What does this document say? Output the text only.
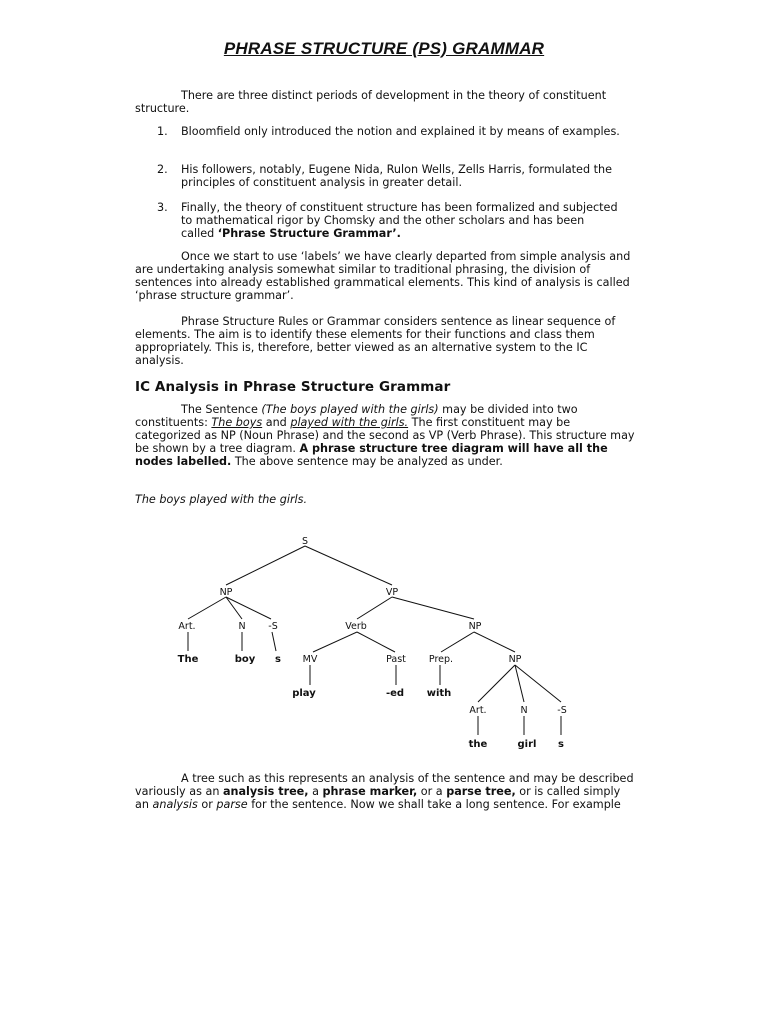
PHRASE STRUCTURE (PS) GRAMMAR
There are three distinct periods of development in the theory of constituent structure.
1. Bloomfield only introduced the notion and explained it by means of examples.
2. His followers, notably, Eugene Nida, Rulon Wells, Zells Harris, formulated the principles of constituent analysis in greater detail.
3. Finally, the theory of constituent structure has been formalized and subjected to mathematical rigor by Chomsky and the other scholars and has been called ‘Phrase Structure Grammar’.
Once we start to use ‘labels’ we have clearly departed from simple analysis and are undertaking analysis somewhat similar to traditional phrasing, the division of sentences into already established grammatical elements. This kind of analysis is called ‘phrase structure grammar’.
Phrase Structure Rules or Grammar considers sentence as linear sequence of elements. The aim is to identify these elements for their functions and class them appropriately. This is, therefore, better viewed as an alternative system to the IC analysis.
IC Analysis in Phrase Structure Grammar
The Sentence (The boys played with the girls) may be divided into two constituents: The boys and played with the girls. The first constituent may be categorized as NP (Noun Phrase) and the second as VP (Verb Phrase). This structure may be shown by a tree diagram. A phrase structure tree diagram will have all the nodes labelled. The above sentence may be analyzed as under.
The boys played with the girls.
S
NP	VP
Art.	N -S	Verb	NP
MV	Past Prep.	NP
Art.	N	-S
The	boy s
play	-ed with
the	girl s
A tree such as this represents an analysis of the sentence and may be described variously as an analysis tree, a phrase marker, or a parse tree, or is called simply an analysis or parse for the sentence. Now we shall take a long sentence. For example
